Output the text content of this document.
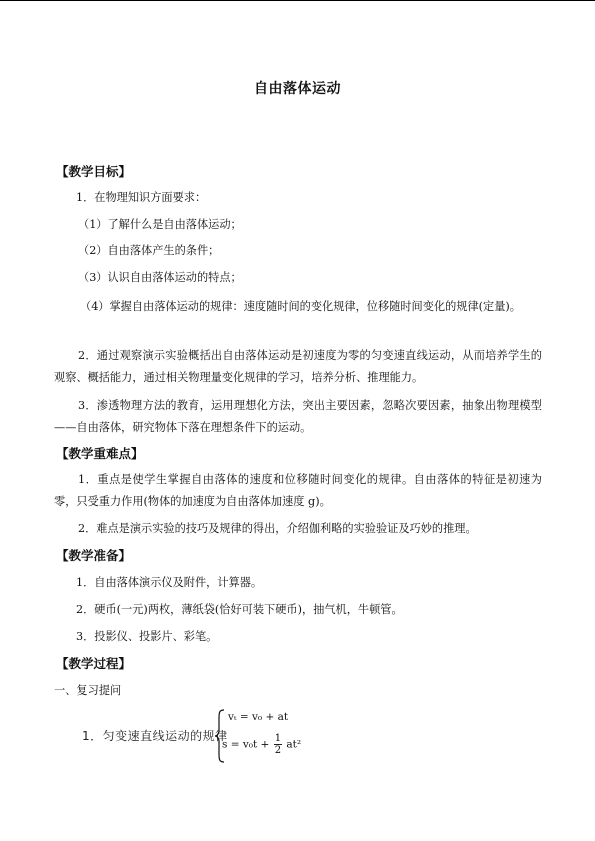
自由落体运动
【教学目标】
1．在物理知识方面要求：
（1）了解什么是自由落体运动；
（2）自由落体产生的条件；
（3）认识自由落体运动的特点；
（4）掌握自由落体运动的规律：速度随时间的变化规律，位移随时间变化的规律(定量)。
2．通过观察演示实验概括出自由落体运动是初速度为零的匀变速直线运动，从而培养学生的观察、概括能力，通过相关物理量变化规律的学习，培养分析、推理能力。
3．渗透物理方法的教育，运用理想化方法，突出主要因素，忽略次要因素，抽象出物理模型——自由落体，研究物体下落在理想条件下的运动。
【教学重难点】
1．重点是使学生掌握自由落体的速度和位移随时间变化的规律。自由落体的特征是初速为零，只受重力作用(物体的加速度为自由落体加速度 g)。
2．难点是演示实验的技巧及规律的得出，介绍伽利略的实验验证及巧妙的推理。
【教学准备】
1．自由落体演示仪及附件，计算器。
2．硬币(一元)两枚，薄纸袋(恰好可装下硬币)，抽气机，牛顿管。
3．投影仪、投影片、彩笔。
【教学过程】
一、复习提问
1．匀变速直线运动的规律
vₜ = v₀ + at
$s = v_0t + \frac{1}{2} at^2$
